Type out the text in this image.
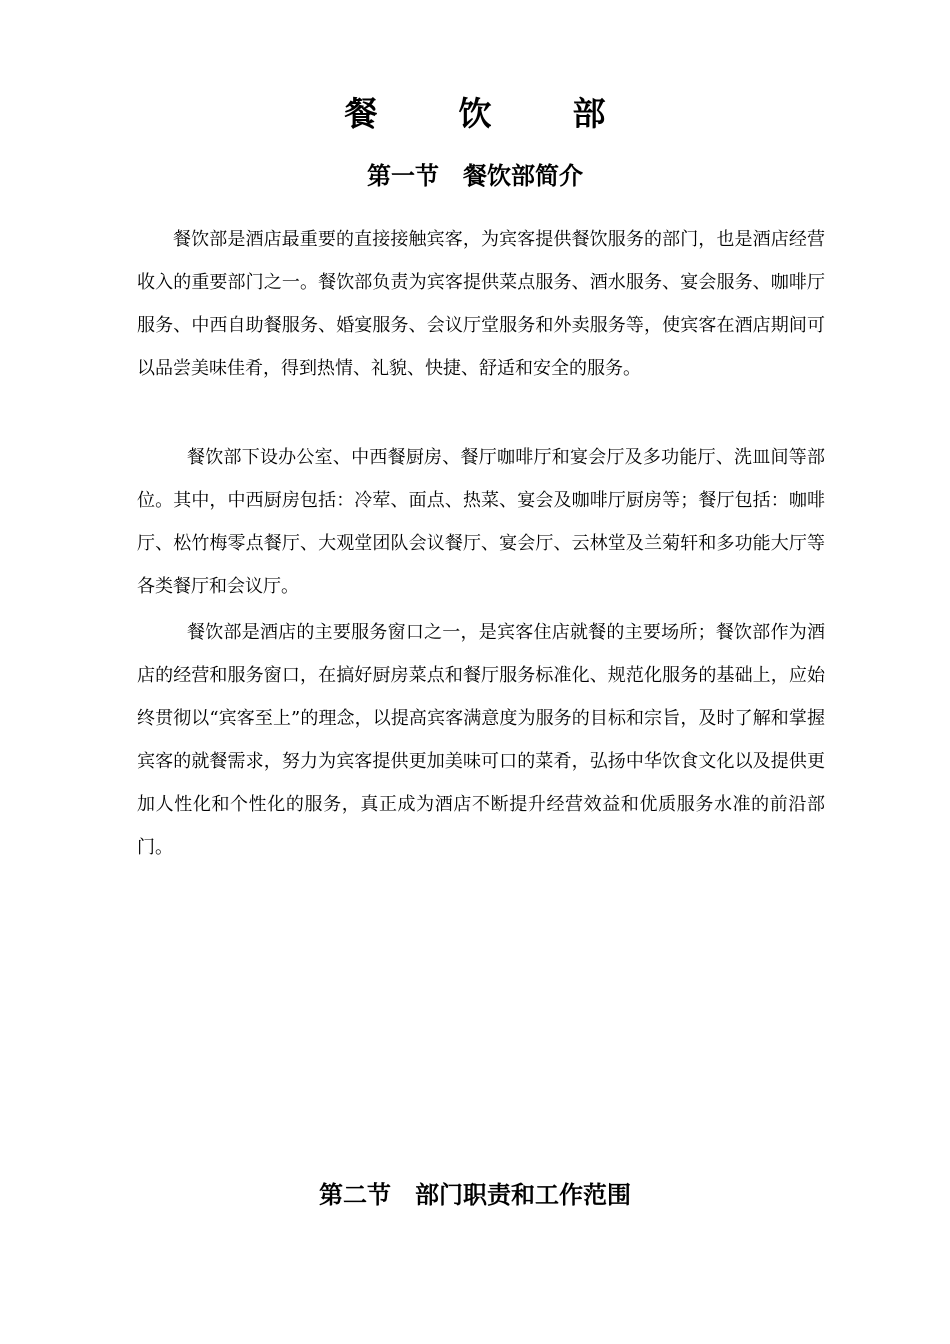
餐　饮　部
第一节　餐饮部简介

餐饮部是酒店最重要的直接接触宾客，为宾客提供餐饮服务的部门，也是酒店经营收入的重要部门之一。餐饮部负责为宾客提供菜点服务、酒水服务、宴会服务、咖啡厅服务、中西自助餐服务、婚宴服务、会议厅堂服务和外卖服务等，使宾客在酒店期间可以品尝美味佳肴，得到热情、礼貌、快捷、舒适和安全的服务。

餐饮部下设办公室、中西餐厨房、餐厅咖啡厅和宴会厅及多功能厅、洗皿间等部位。其中，中西厨房包括：冷荤、面点、热菜、宴会及咖啡厅厨房等；餐厅包括：咖啡厅、松竹梅零点餐厅、大观堂团队会议餐厅、宴会厅、云林堂及兰菊轩和多功能大厅等各类餐厅和会议厅。

餐饮部是酒店的主要服务窗口之一，是宾客住店就餐的主要场所；餐饮部作为酒店的经营和服务窗口，在搞好厨房菜点和餐厅服务标准化、规范化服务的基础上，应始终贯彻以“宾客至上”的理念，以提高宾客满意度为服务的目标和宗旨，及时了解和掌握宾客的就餐需求，努力为宾客提供更加美味可口的菜肴，弘扬中华饮食文化以及提供更加人性化和个性化的服务，真正成为酒店不断提升经营效益和优质服务水准的前沿部门。

第二节　部门职责和工作范围
